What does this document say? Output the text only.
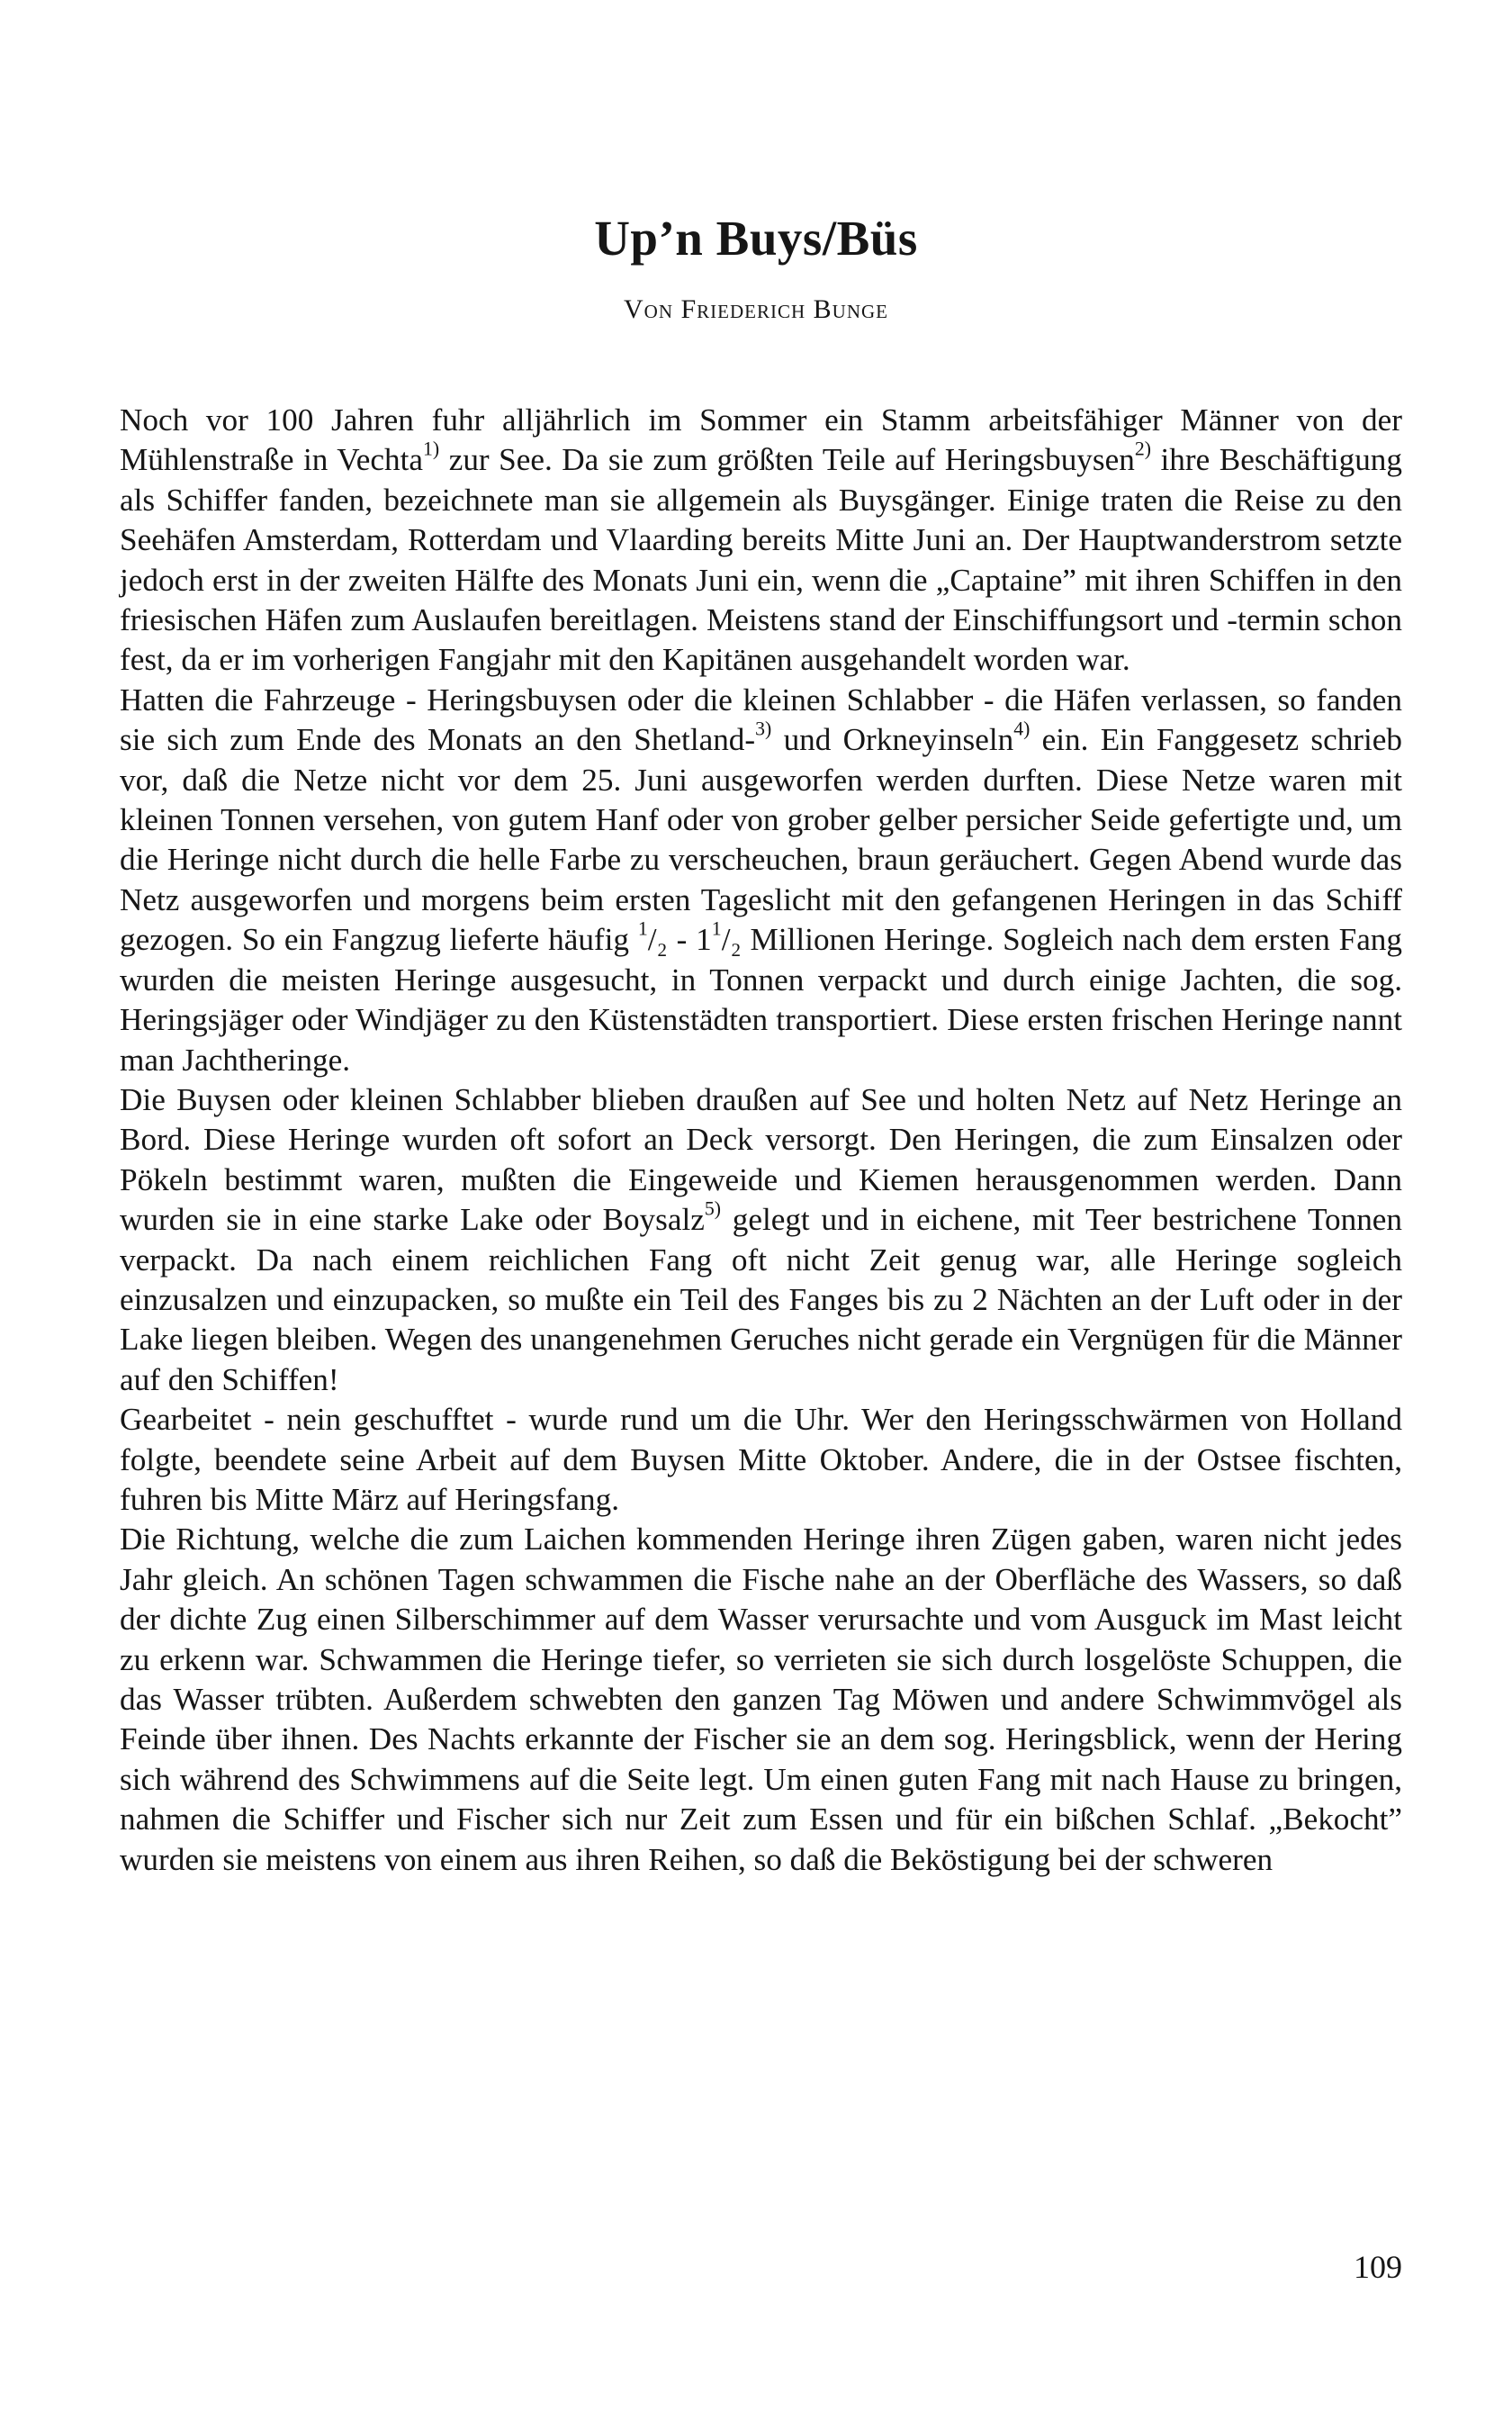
Up’n Buys/Büs
Von Friederich Bunge

Noch vor 100 Jahren fuhr alljährlich im Sommer ein Stamm arbeitsfähiger Männer von der Mühlenstraße in Vechta$^{1)}$ zur See. Da sie zum größten Teile auf Heringsbuysen$^{2)}$ ihre Beschäftigung als Schiffer fanden, bezeichnete man sie allgemein als Buysgänger. Einige traten die Reise zu den Seehäfen Amsterdam, Rotterdam und Vlaarding bereits Mitte Juni an. Der Hauptwanderstrom setzte jedoch erst in der zweiten Hälfte des Monats Juni ein, wenn die „Captaine” mit ihren Schiffen in den friesischen Häfen zum Auslaufen bereitlagen. Meistens stand der Einschiffungsort und -termin schon fest, da er im vorherigen Fangjahr mit den Kapitänen ausgehandelt worden war.

Hatten die Fahrzeuge - Heringsbuysen oder die kleinen Schlabber - die Häfen verlassen, so fanden sie sich zum Ende des Monats an den Shetland-$^{3)}$ und Orkneyinseln$^{4)}$ ein. Ein Fanggesetz schrieb vor, daß die Netze nicht vor dem 25. Juni ausgeworfen werden durften. Diese Netze waren mit kleinen Tonnen versehen, von gutem Hanf oder von grober gelber persicher Seide gefertigte und, um die Heringe nicht durch die helle Farbe zu verscheuchen, braun geräuchert. Gegen Abend wurde das Netz ausgeworfen und morgens beim ersten Tageslicht mit den gefangenen Heringen in das Schiff gezogen. So ein Fangzug lieferte häufig $^1/_2 - 1^1/_2$ Millionen Heringe. Sogleich nach dem ersten Fang wurden die meisten Heringe ausgesucht, in Tonnen verpackt und durch einige Jachten, die sog. Heringsjäger oder Windjäger zu den Küstenstädten transportiert. Diese ersten frischen Heringe nannt man Jachtheringe.

Die Buysen oder kleinen Schlabber blieben draußen auf See und holten Netz auf Netz Heringe an Bord. Diese Heringe wurden oft sofort an Deck versorgt. Den Heringen, die zum Einsalzen oder Pökeln bestimmt waren, mußten die Eingeweide und Kiemen herausgenommen werden. Dann wurden sie in eine starke Lake oder Boysalz$^{5)}$ gelegt und in eichene, mit Teer bestrichene Tonnen verpackt. Da nach einem reichlichen Fang oft nicht Zeit genug war, alle Heringe sogleich einzusalzen und einzupacken, so mußte ein Teil des Fanges bis zu 2 Nächten an der Luft oder in der Lake liegen bleiben. Wegen des unangenehmen Geruches nicht gerade ein Vergnügen für die Männer auf den Schiffen!

Gearbeitet - nein geschufftet - wurde rund um die Uhr. Wer den Heringsschwärmen von Holland folgte, beendete seine Arbeit auf dem Buysen Mitte Oktober. Andere, die in der Ostsee fischten, fuhren bis Mitte März auf Heringsfang.

Die Richtung, welche die zum Laichen kommenden Heringe ihren Zügen gaben, waren nicht jedes Jahr gleich. An schönen Tagen schwammen die Fische nahe an der Oberfläche des Wassers, so daß der dichte Zug einen Silberschimmer auf dem Wasser verursachte und vom Ausguck im Mast leicht zu erkenn war. Schwammen die Heringe tiefer, so verrieten sie sich durch losgelöste Schuppen, die das Wasser trübten. Außerdem schwebten den ganzen Tag Möwen und andere Schwimmvögel als Feinde über ihnen. Des Nachts erkannte der Fischer sie an dem sog. Heringsblick, wenn der Hering sich während des Schwimmens auf die Seite legt. Um einen guten Fang mit nach Hause zu bringen, nahmen die Schiffer und Fischer sich nur Zeit zum Essen und für ein bißchen Schlaf. „Bekocht” wurden sie meistens von einem aus ihren Reihen, so daß die Beköstigung bei der schweren

109
